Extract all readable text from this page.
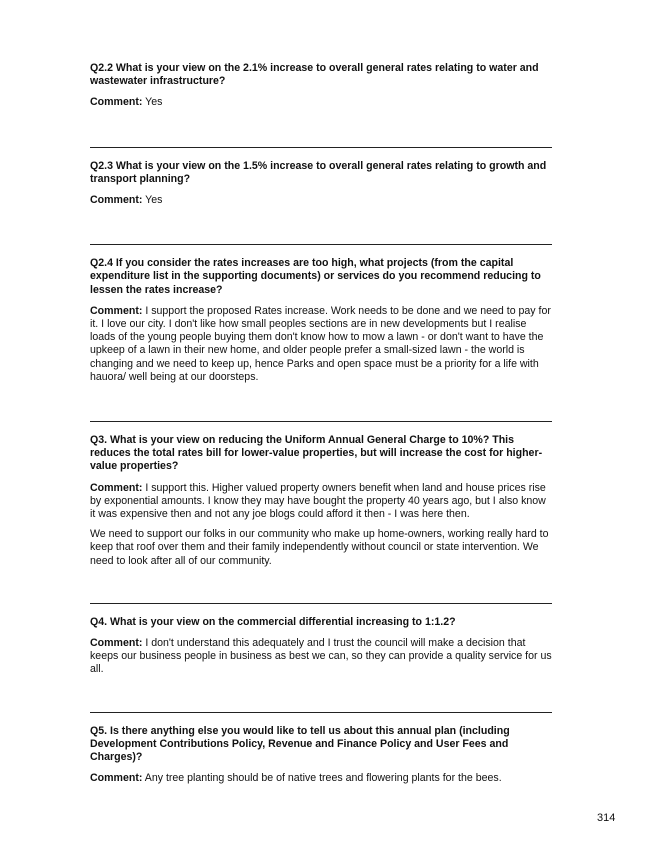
Q2.2 What is your view on the 2.1% increase to overall general rates relating to water and wastewater infrastructure?

Comment: Yes

Q2.3 What is your view on the 1.5% increase to overall general rates relating to growth and transport planning?

Comment: Yes

Q2.4 If you consider the rates increases are too high, what projects (from the capital expenditure list in the supporting documents) or services do you recommend reducing to lessen the rates increase?

Comment: I support the proposed Rates increase. Work needs to be done and we need to pay for it. I love our city. I don't like how small peoples sections are in new developments but I realise loads of the young people buying them don't know how to mow a lawn - or don't want to have the upkeep of a lawn in their new home, and older people prefer a small-sized lawn - the world is changing and we need to keep up, hence Parks and open space must be a priority for a life with hauora/ well being at our doorsteps.

Q3. What is your view on reducing the Uniform Annual General Charge to 10%? This reduces the total rates bill for lower-value properties, but will increase the cost for higher-value properties?

Comment: I support this. Higher valued property owners benefit when land and house prices rise by exponential amounts. I know they may have bought the property 40 years ago, but I also know it was expensive then and not any joe blogs could afford it then - I was here then.

We need to support our folks in our community who make up home-owners, working really hard to keep that roof over them and their family independently without council or state intervention. We need to look after all of our community.

Q4. What is your view on the commercial differential increasing to 1:1.2?

Comment: I don't understand this adequately and I trust the council will make a decision that keeps our business people in business as best we can, so they can provide a quality service for us all.

Q5. Is there anything else you would like to tell us about this annual plan (including Development Contributions Policy, Revenue and Finance Policy and User Fees and Charges)?

Comment: Any tree planting should be of native trees and flowering plants for the bees.

314
